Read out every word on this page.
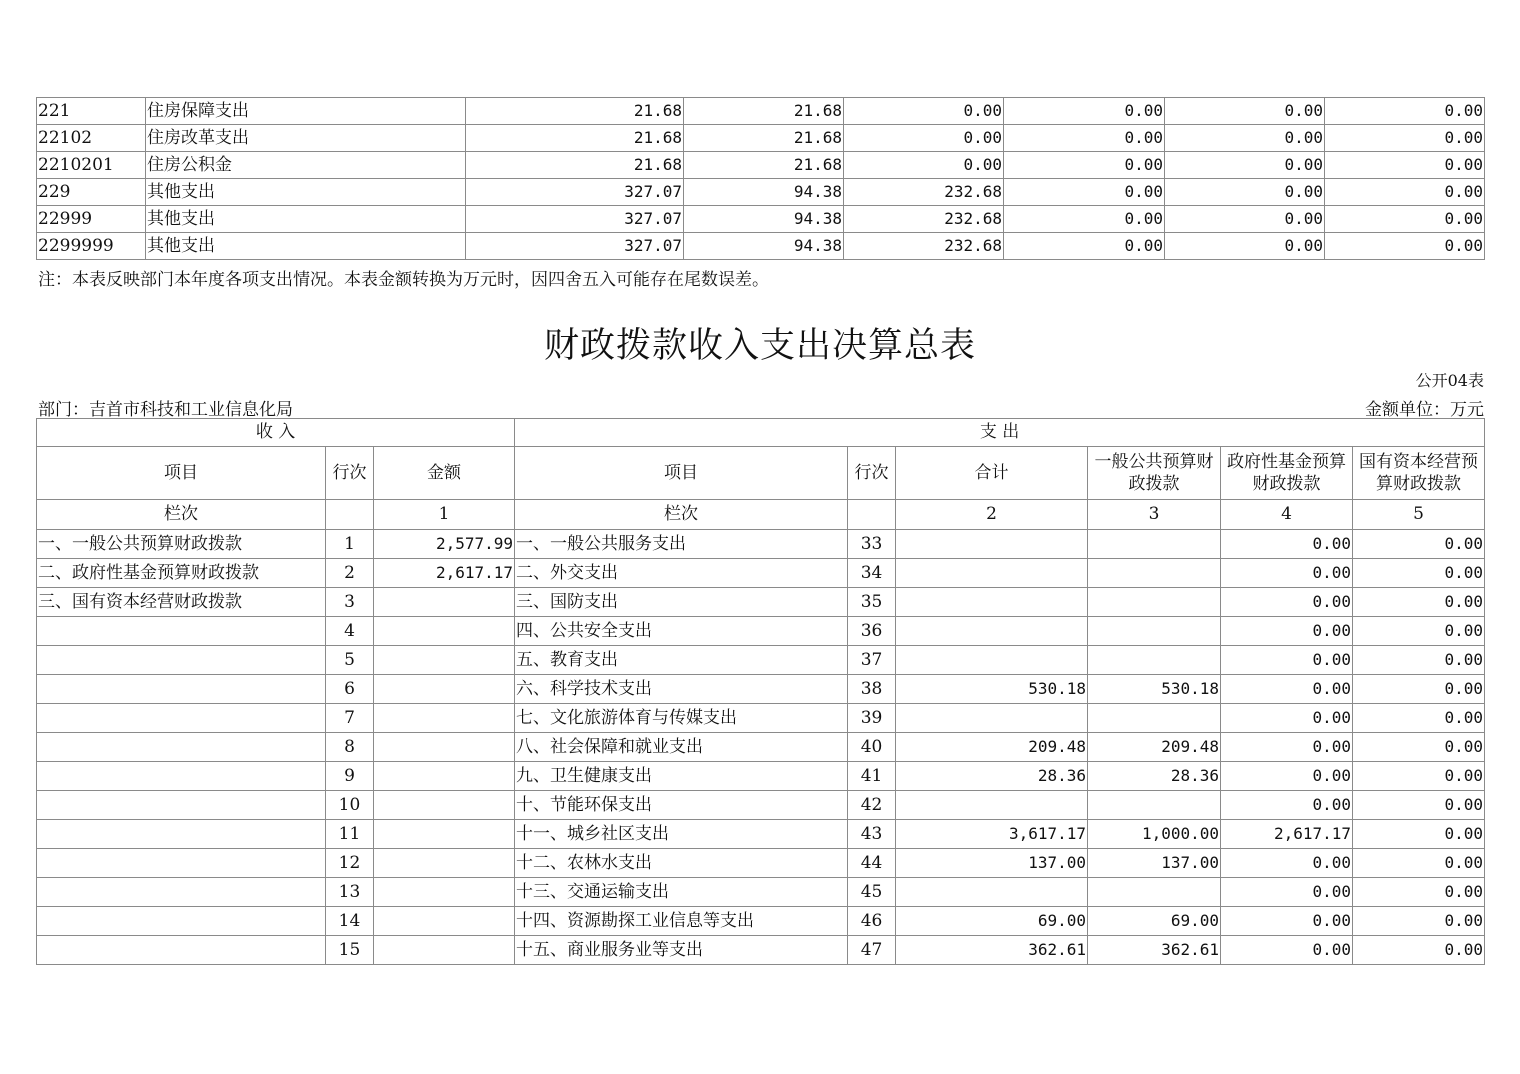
221	住房保障支出	21.68	21.68	0.00	0.00	0.00	0.00
22102	住房改革支出	21.68	21.68	0.00	0.00	0.00	0.00
2210201	住房公积金	21.68	21.68	0.00	0.00	0.00	0.00
229	其他支出	327.07	94.38	232.68	0.00	0.00	0.00
22999	其他支出	327.07	94.38	232.68	0.00	0.00	0.00
2299999	其他支出	327.07	94.38	232.68	0.00	0.00	0.00
注：本表反映部门本年度各项支出情况。本表金额转换为万元时，因四舍五入可能存在尾数误差。
财政拨款收入支出决算总表
公开04表
部门：吉首市科技和工业信息化局	金额单位：万元
收 入			支 出					
项目	行次	金额	项目	行次	合计	一般公共预算财政拨款	政府性基金预算财政拨款	国有资本经营预算财政拨款
栏次		1	栏次		2	3	4	5
一、一般公共预算财政拨款	1	2,577.99	一、一般公共服务支出	33			0.00	0.00
二、政府性基金预算财政拨款	2	2,617.17	二、外交支出	34			0.00	0.00
三、国有资本经营财政拨款	3		三、国防支出	35			0.00	0.00
	4		四、公共安全支出	36			0.00	0.00
	5		五、教育支出	37			0.00	0.00
	6		六、科学技术支出	38	530.18	530.18	0.00	0.00
	7		七、文化旅游体育与传媒支出	39			0.00	0.00
	8		八、社会保障和就业支出	40	209.48	209.48	0.00	0.00
	9		九、卫生健康支出	41	28.36	28.36	0.00	0.00
	10		十、节能环保支出	42			0.00	0.00
	11		十一、城乡社区支出	43	3,617.17	1,000.00	2,617.17	0.00
	12		十二、农林水支出	44	137.00	137.00	0.00	0.00
	13		十三、交通运输支出	45			0.00	0.00
	14		十四、资源勘探工业信息等支出	46	69.00	69.00	0.00	0.00
	15		十五、商业服务业等支出	47	362.61	362.61	0.00	0.00
